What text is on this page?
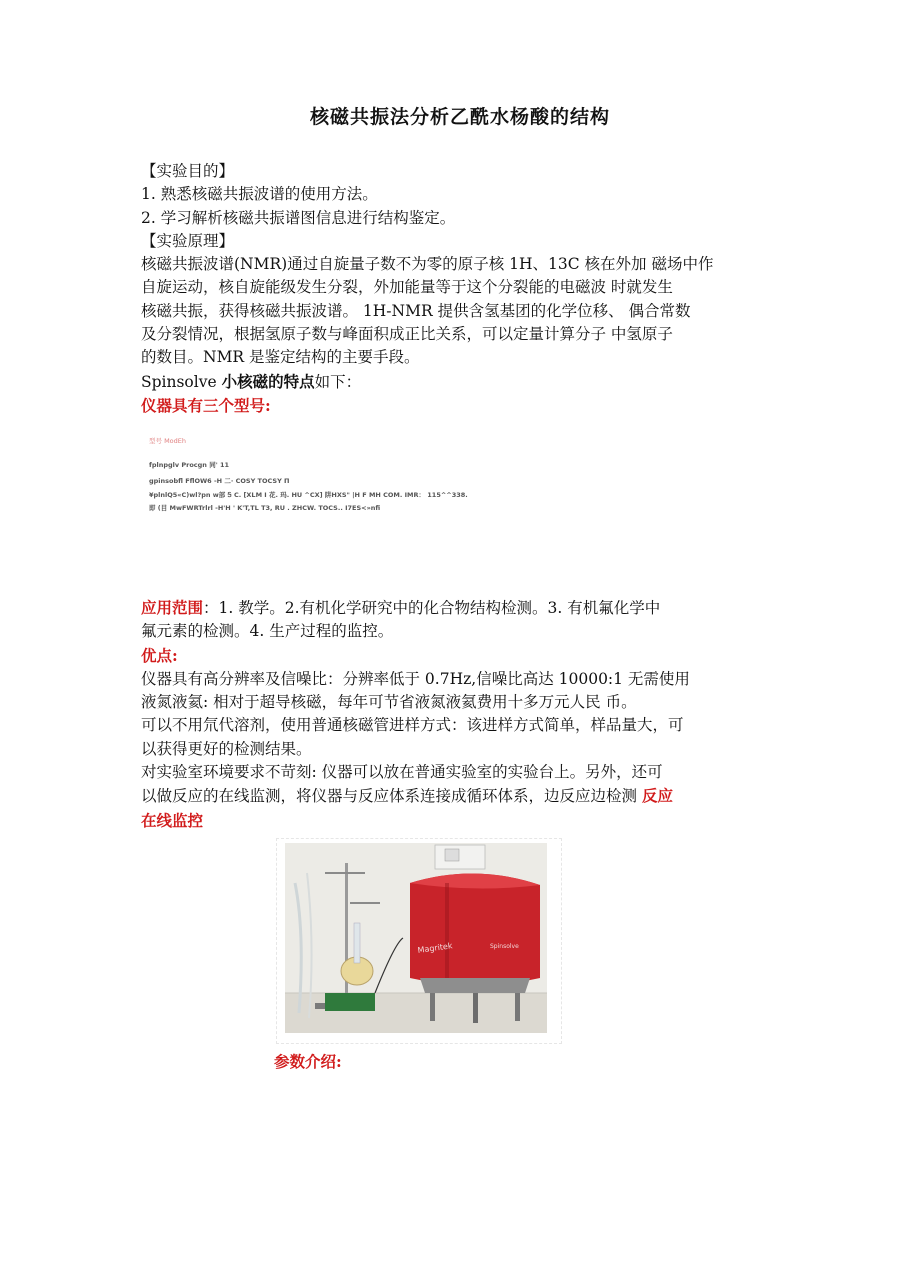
核磁共振法分析乙酰水杨酸的结构
【实验目的】
1. 熟悉核磁共振波谱的使用方法。
2. 学习解析核磁共振谱图信息进行结构鉴定。
【实验原理】
核磁共振波谱(NMR)通过自旋量子数不为零的原子核 1H、13C 核在外加 磁场中作
自旋运动，核自旋能级发生分裂，外加能量等于这个分裂能的电磁波 时就发生
核磁共振，获得核磁共振波谱。 1H-NMR 提供含氢基团的化学位移、 偶合常数
及分裂情况，根据氢原子数与峰面积成正比关系，可以定量计算分子 中氢原子
的数目。NMR 是鉴定结构的主要手段。
Spinsolve 小核磁的特点如下：
仪器具有三个型号:
型号 ModEh
fplnpglv Procgn 同' 11
gpinsobfl FflOW6 -H 二· COSY TOCSY Π
¥plnlQ5«C)wl?pn w部 Ꭶ C. [XLM I 花. 玛. HU ^CX] 阱HXS" |H F MH COM. IMR： 115^^338.
即 (目 MwFWRTrlrl -H'H ' K'T,TL T3, RU . ZHCW. TOCS.. I7ES<»nfi
应用范围：1. 教学。2.有机化学研究中的化合物结构检测。3. 有机氟化学中
氟元素的检测。4. 生产过程的监控。
优点:
仪器具有高分辨率及信噪比：分辨率低于 0.7Hz,信噪比高达 10000:1 无需使用
液氮液氦: 相对于超导核磁，每年可节省液氮液氦费用十多万元人民 币。
可以不用氘代溶剂，使用普通核磁管进样方式：该进样方式简单，样品量大，可
以获得更好的检测结果。
对实验室环境要求不苛刻: 仪器可以放在普通实验室的实验台上。另外，还可
以做反应的在线监测，将仪器与反应体系连接成循环体系，边反应边检测 反应
在线监控
Magritek	Spinsolve
参数介绍:
